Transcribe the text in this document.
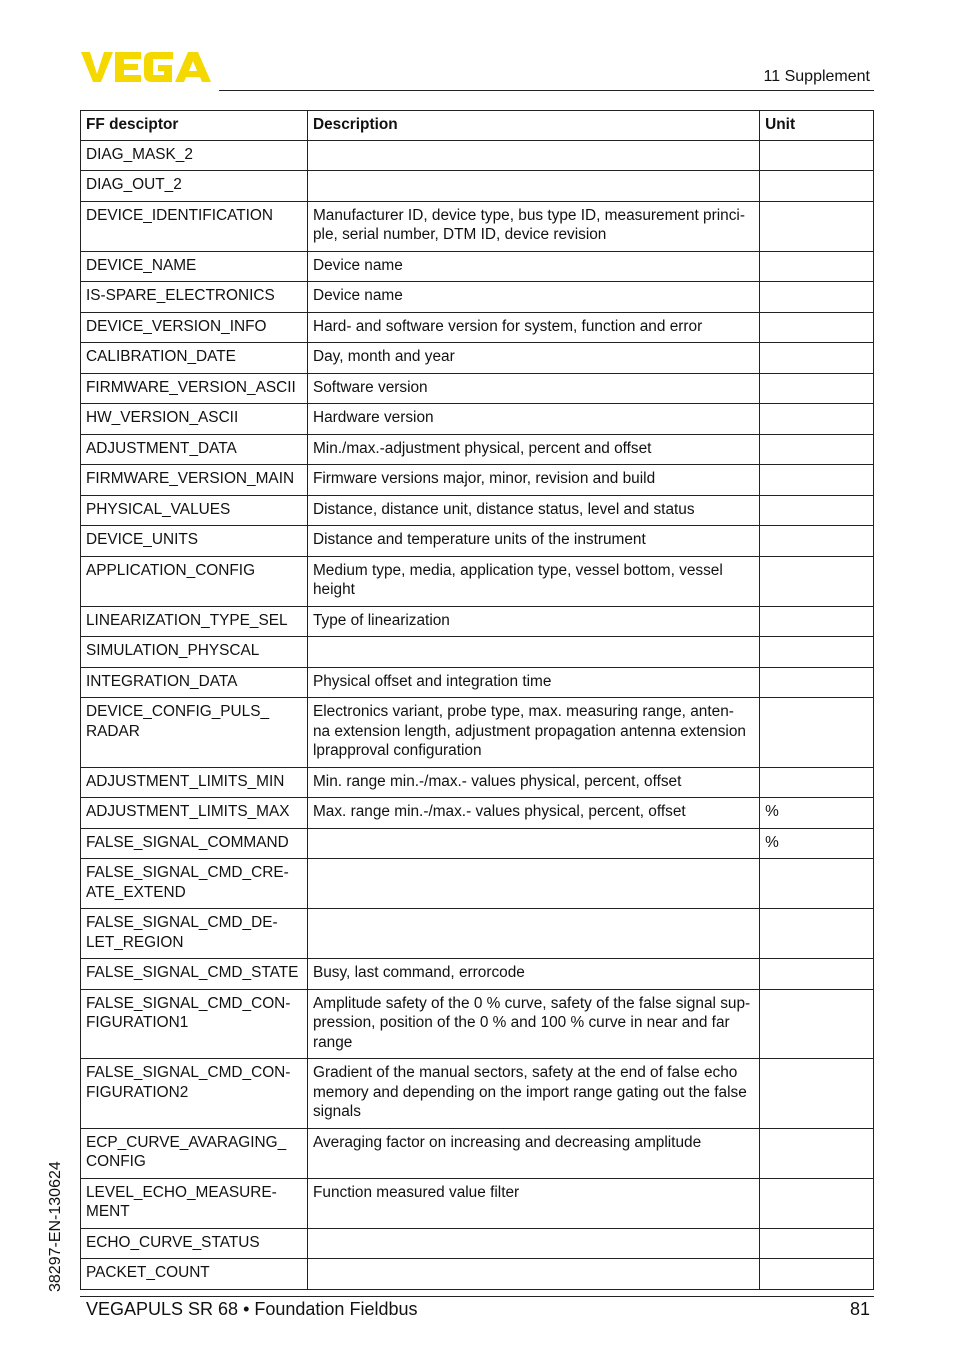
11 Supplement
FF desciptor	Description	Unit
DIAG_MASK_2		
DIAG_OUT_2		
DEVICE_IDENTIFICATION	Manufacturer ID, device type, bus type ID, measurement princi-
ple, serial number, DTM ID, device revision	
DEVICE_NAME	Device name	
IS-SPARE_ELECTRONICS	Device name	
DEVICE_VERSION_INFO	Hard- and software version for system, function and error	
CALIBRATION_DATE	Day, month and year	
FIRMWARE_VERSION_ASCII	Software version	
HW_VERSION_ASCII	Hardware version	
ADJUSTMENT_DATA	Min./max.-adjustment physical, percent and offset	
FIRMWARE_VERSION_MAIN	Firmware versions major, minor, revision and build	
PHYSICAL_VALUES	Distance, distance unit, distance status, level and status	
DEVICE_UNITS	Distance and temperature units of the instrument	
APPLICATION_CONFIG	Medium type, media, application type, vessel bottom, vessel
height	
LINEARIZATION_TYPE_SEL	Type of linearization	
SIMULATION_PHYSCAL		
INTEGRATION_DATA	Physical offset and integration time	
DEVICE_CONFIG_PULS_
RADAR	Electronics variant, probe type, max. measuring range, anten-
na extension length, adjustment propagation antenna extension
lprapproval configuration	
ADJUSTMENT_LIMITS_MIN	Min. range min.-/max.- values physical, percent, offset	
ADJUSTMENT_LIMITS_MAX	Max. range min.-/max.- values physical, percent, offset	%
FALSE_SIGNAL_COMMAND		%
FALSE_SIGNAL_CMD_CRE-
ATE_EXTEND		
FALSE_SIGNAL_CMD_DE-
LET_REGION		
FALSE_SIGNAL_CMD_STATE	Busy, last command, errorcode	
FALSE_SIGNAL_CMD_CON-
FIGURATION1	Amplitude safety of the 0 % curve, safety of the false signal sup-
pression, position of the 0 % and 100 % curve in near and far
range	
FALSE_SIGNAL_CMD_CON-
FIGURATION2	Gradient of the manual sectors, safety at the end of false echo
memory and depending on the import range gating out the false
signals	
ECP_CURVE_AVARAGING_
CONFIG	Averaging factor on increasing and decreasing amplitude	
LEVEL_ECHO_MEASURE-
MENT	Function measured value filter	
ECHO_CURVE_STATUS		
PACKET_COUNT		
38297-EN-130624
VEGAPULS SR 68 • Foundation Fieldbus	81
